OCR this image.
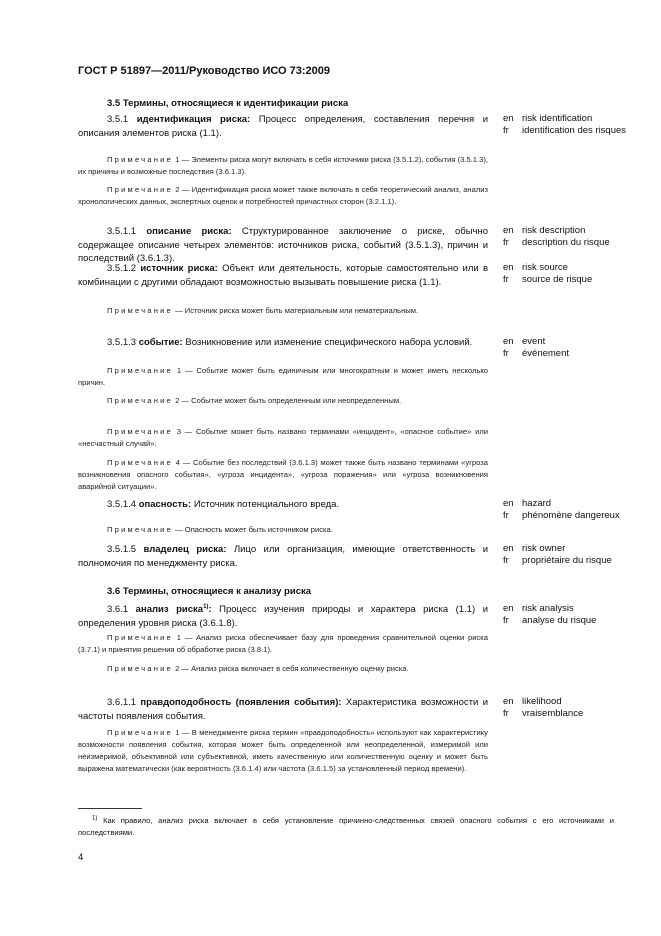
ГОСТ Р 51897—2011/Руководство ИСО 73:2009
3.5 Термины, относящиеся к идентификации риска
3.5.1 идентификация риска: Процесс определения, составления перечня и описания элементов риска (1.1).
en risk identification
fr	identification des risques
Примечание 1 — Элементы риска могут включать в себя источники риска (3.5.1.2), события (3.5.1.3), их причины и возможные последствия (3.6.1.3).
Примечание 2 — Идентификация риска может также включать в себя теоретический анализ, анализ хронологических данных, экспертных оценок и потребностей причастных сторон (3.2.1.1).
3.5.1.1 описание риска: Структурированное заключение о риске, обычно содержащее описание четырех элементов: источников риска, событий (3.5.1.3), причин и последствий (3.6.1.3).
en risk description
fr	description du risque
3.5.1.2 источник риска: Объект или деятельность, которые самостоятельно или в комбинации с другими обладают возможностью вызывать повышение риска (1.1).
en risk source
fr	source de risque
Примечание — Источник риска может быть материальным или нематериальным.
3.5.1.3 событие: Возникновение или изменение специфического набора условий.	en event
fr	événement
Примечание 1 — Событие может быть единичным или многократным и может иметь несколько причин.
Примечание 2 — Событие может быть определенным или неопределенным.
Примечание 3 — Событие может быть названо терминами «инцидент», «опасное событие» или «несчастный случай».
Примечание 4 — Событие без последствий (3.6.1.3) может также быть названо терминами «угроза возникновения опасного события», «угроза инцидента», «угроза поражения» или «угроза возникновения аварийной ситуации».
3.5.1.4 опасность: Источник потенциального вреда.	en hazard
fr	phénomène dangereux
Примечание — Опасность может быть источником риска.
3.5.1.5 владелец риска: Лицо или организация, имеющие ответственность и полномочия по менеджменту риска.
en risk owner
fr	propriétaire du risque
3.6 Термины, относящиеся к анализу риска
3.6.1 анализ риска$^{1)}$: Процесс изучения природы и характера риска (1.1) и определения уровня риска (3.6.1.8).
en risk analysis
fr	analyse du risque
Примечание 1 — Анализ риска обеспечивает базу для проведения сравнительной оценки риска (3.7.1) и принятия решения об обработке риска (3.8.1).
Примечание 2 — Анализ риска включает в себя количественную оценку риска.
3.6.1.1 правдоподобность (появления события): Характеристика возможности и частоты появления события.
en likelihood
fr	vraisemblance
Примечание 1 — В менеджменте риска термин «правдоподобность» используют как характеристику возможности появления события, которая может быть определенной или неопределенной, измеримой или неизмеримой, объективной или субъективной, иметь качественную или количественную оценку и может быть выражена математически (как вероятность (3.6.1.4) или частота (3.6.1.5) за установленный период времени).
$^{1)}$ Как правило, анализ риска включает в себя установление причинно-следственных связей опасного события с его источниками и последствиями.
4
